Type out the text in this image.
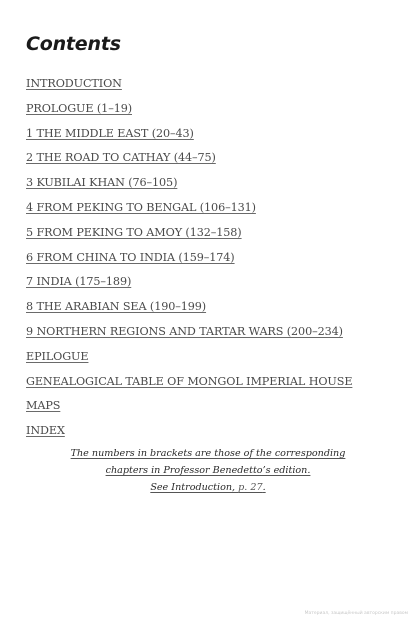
Contents
INTRODUCTION
PROLOGUE (1–19)
1 THE MIDDLE EAST (20–43)
2 THE ROAD TO CATHAY (44–75)
3 KUBILAI KHAN (76–105)
4 FROM PEKING TO BENGAL (106–131)
5 FROM PEKING TO AMOY (132–158)
6 FROM CHINA TO INDIA (159–174)
7 INDIA (175–189)
8 THE ARABIAN SEA (190–199)
9 NORTHERN REGIONS AND TARTAR WARS (200–234)
EPILOGUE
GENEALOGICAL TABLE OF MONGOL IMPERIAL HOUSE
MAPS
INDEX
The numbers in brackets are those of the corresponding
chapters in Professor Benedetto’s edition.
See Introduction, p. 27.
Материал, защищённый авторским правом
